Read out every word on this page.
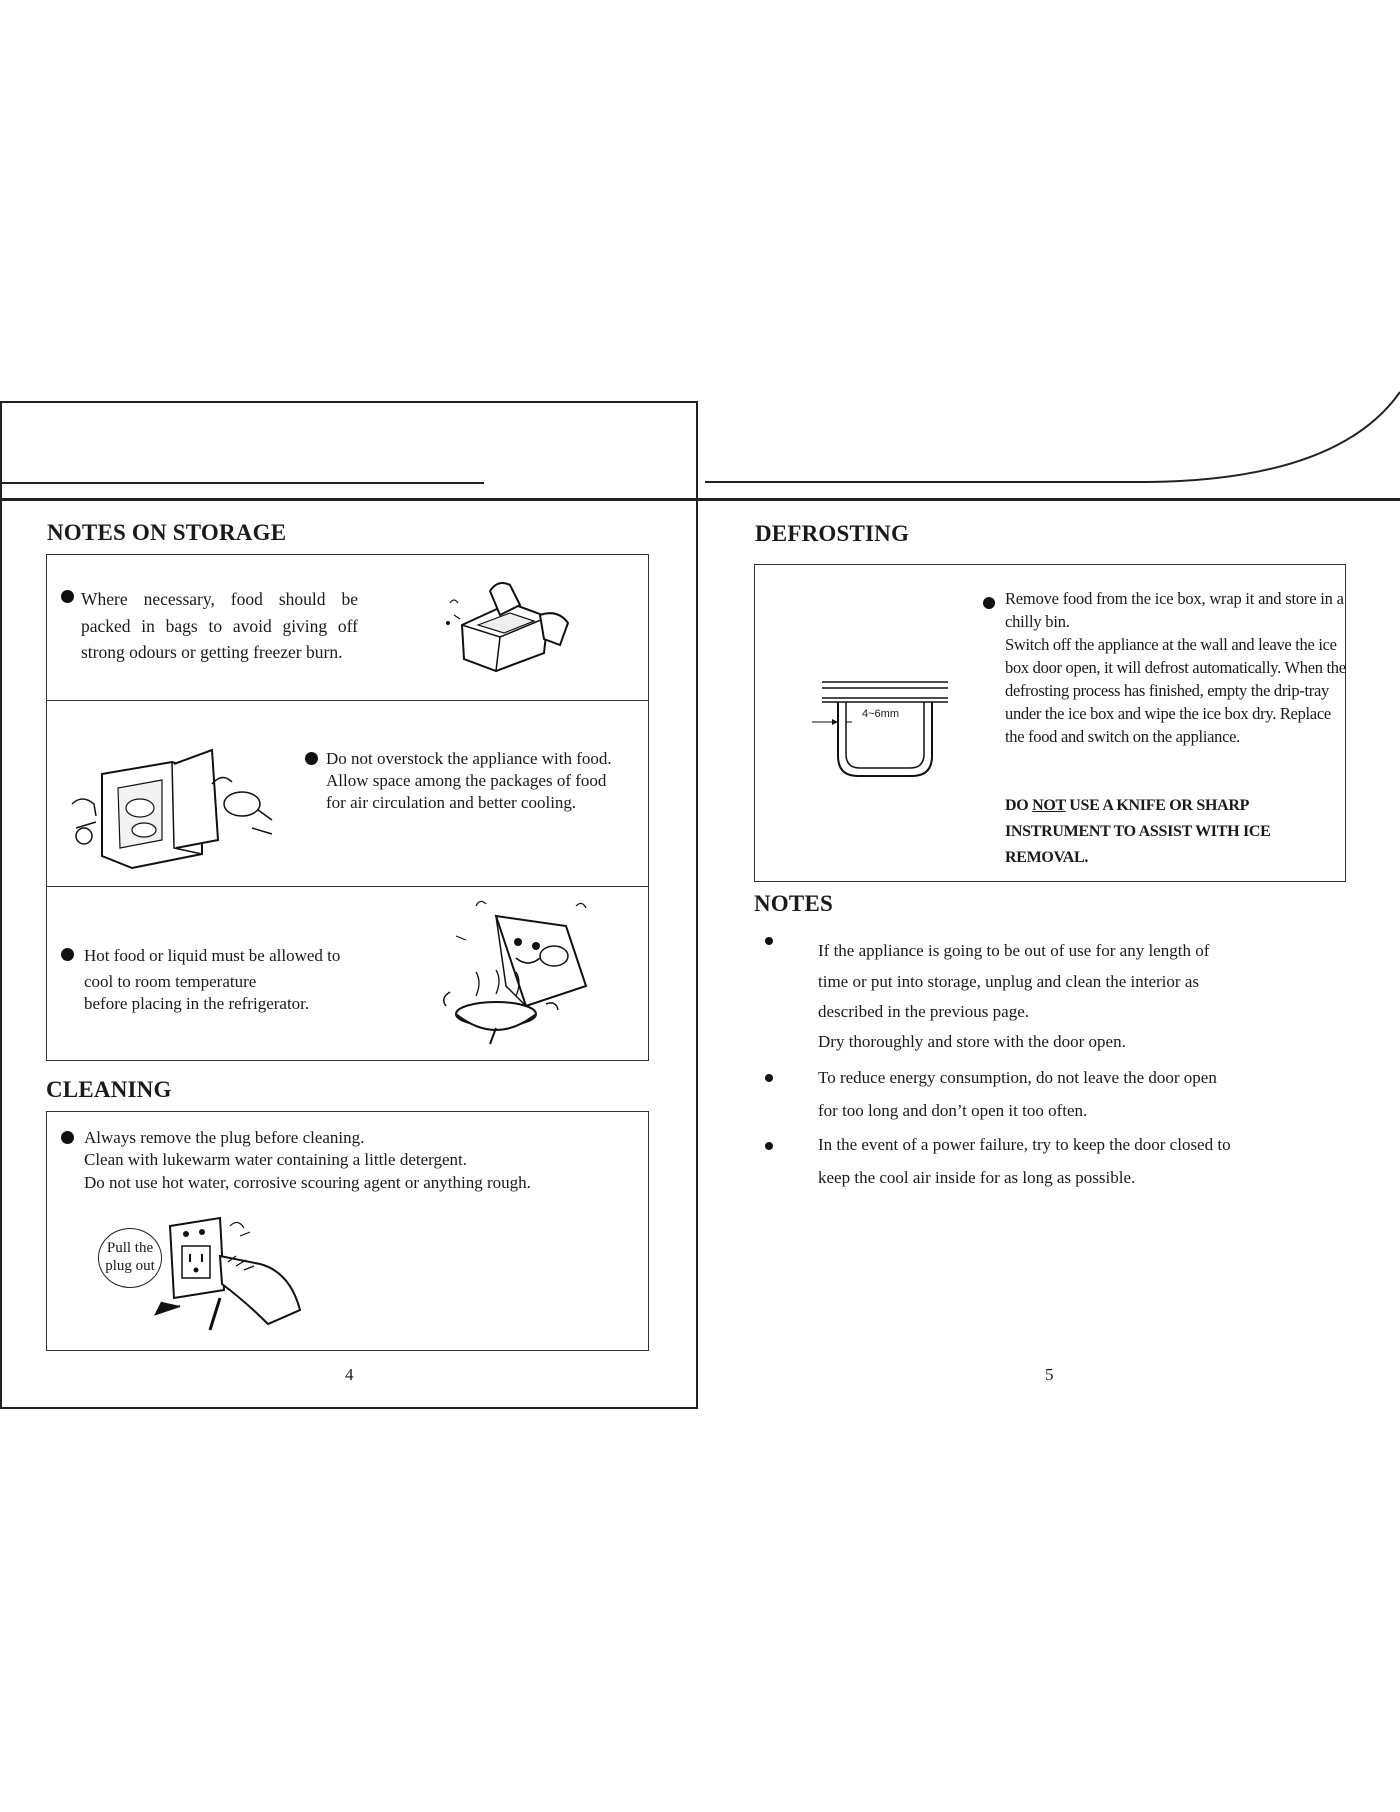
NOTES ON STORAGE
Where necessary, food should be packed in bags to avoid giving off strong odours or getting freezer burn.
Do not overstock the appliance with food. Allow space among the packages of food for air circulation and better cooling.
Hot food or liquid must be allowed to
cool to room temperature
before placing in the refrigerator.
CLEANING
Always remove the plug before cleaning.
Clean with lukewarm water containing a little detergent.
Do not use hot water, corrosive scouring agent or anything rough.
Pull the
plug out
4
DEFROSTING
4~6mm
Remove food from the ice box, wrap it and store in a chilly bin.
Switch off the appliance at the wall and leave the ice box door open, it will defrost automatically. When the defrosting process has finished, empty the drip-tray under the ice box and wipe the ice box dry. Replace the food and switch on the appliance.
DO NOT USE A KNIFE OR SHARP INSTRUMENT TO ASSIST WITH ICE REMOVAL.
NOTES
If the appliance is going to be out of use for any length of
time or put into storage, unplug and clean the interior as
described in the previous page.
Dry thoroughly and store with the door open.
To reduce energy consumption, do not leave the door open
for too long and don’t open it too often.
In the event of a power failure, try to keep the door closed to
keep the cool air inside for as long as possible.
5
